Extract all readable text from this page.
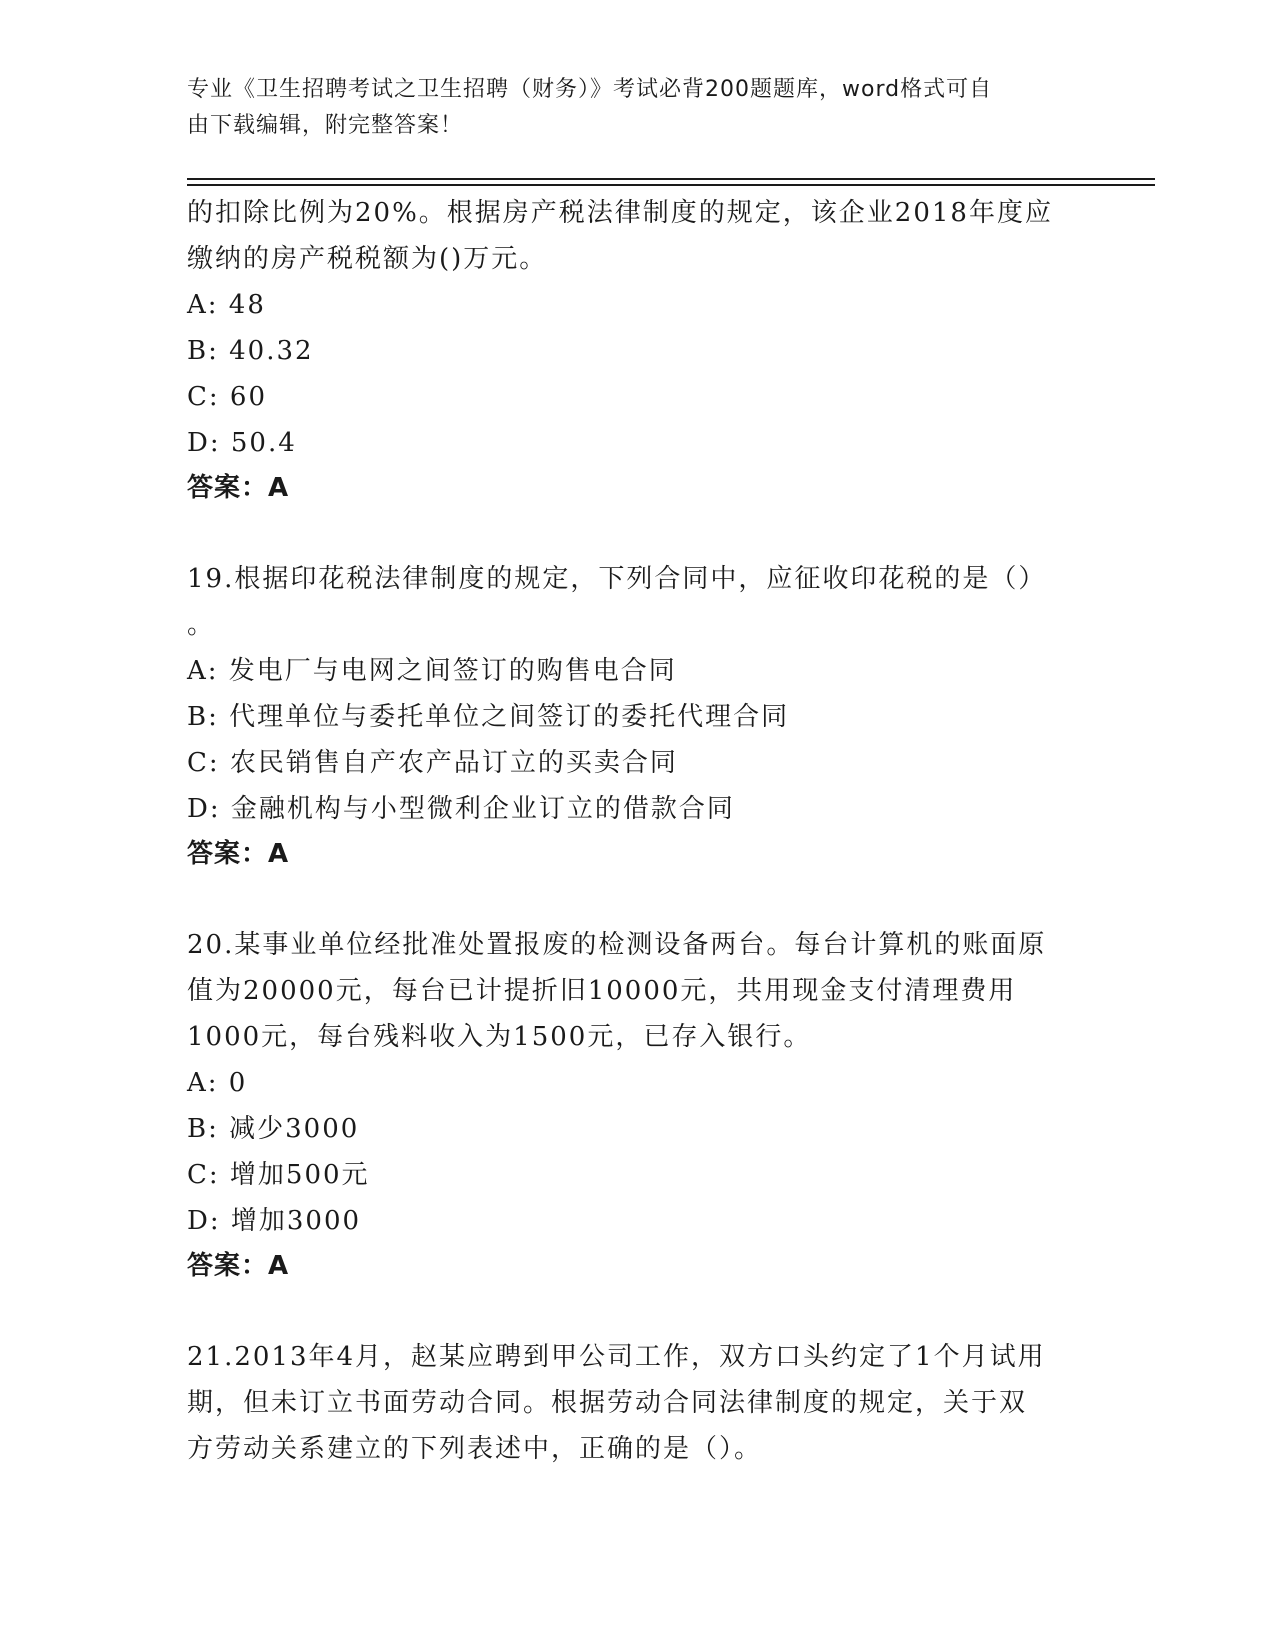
专业《卫生招聘考试之卫生招聘（财务）》考试必背200题题库，word格式可自
由下载编辑，附完整答案！
的扣除比例为20%。根据房产税法律制度的规定，该企业2018年度应
缴纳的房产税税额为()万元。
A: 48
B: 40.32
C: 60
D: 50.4
答案：A
19.根据印花税法律制度的规定，下列合同中，应征收印花税的是（）
。
A: 发电厂与电网之间签订的购售电合同
B: 代理单位与委托单位之间签订的委托代理合同
C: 农民销售自产农产品订立的买卖合同
D: 金融机构与小型微利企业订立的借款合同
答案：A
20.某事业单位经批准处置报废的检测设备两台。每台计算机的账面原
值为20000元，每台已计提折旧10000元，共用现金支付清理费用
1000元，每台残料收入为1500元，已存入银行。
A: 0
B: 减少3000
C: 增加500元
D: 增加3000
答案：A
21.2013年4月，赵某应聘到甲公司工作，双方口头约定了1个月试用
期，但未订立书面劳动合同。根据劳动合同法律制度的规定，关于双
方劳动关系建立的下列表述中，正确的是（）。
